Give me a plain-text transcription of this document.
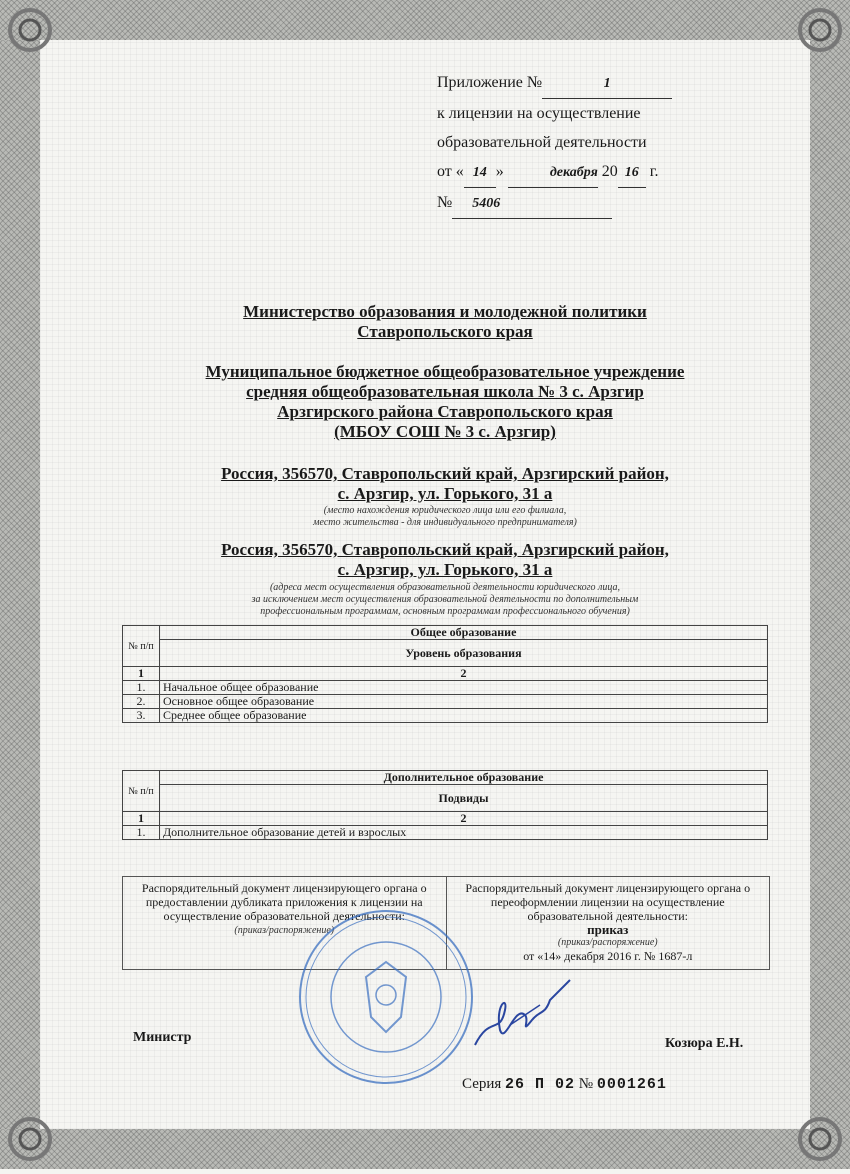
Приложение №	1
к лицензии на осуществление
образовательной деятельности
от « 14 »	декабря 20 16 г.
№ 5406
Министерство образования и молодежной политики
Ставропольского края
Муниципальное бюджетное общеобразовательное учреждение
средняя общеобразовательная школа № 3 с. Арзгир
Арзгирского района Ставропольского края
(МБОУ СОШ № 3 с. Арзгир)
Россия, 356570, Ставропольский край, Арзгирский район,
с. Арзгир, ул. Горького, 31 а
(место нахождения юридического лица или его филиала,
место жительства - для индивидуального предпринимателя)
Россия, 356570, Ставропольский край, Арзгирский район,
с. Арзгир, ул. Горького, 31 а
(адреса мест осуществления образовательной деятельности юридического лица,
за исключением мест осуществления образовательной деятельности по дополнительным
профессиональным программам, основным программам профессионального обучения)
№ п/п	Общее образование
	Уровень образования
1	2
1.	Начальное общее образование
2.	Основное общее образование
3.	Среднее общее образование
№ п/п	Дополнительное образование
	Подвиды
1	2
1.	Дополнительное образование детей и взрослых
Распорядительный документ лицензирующего органа о предоставлении дубликата приложения к лицензии на осуществление образовательной деятельности:
(приказ/распоряжение)
Распорядительный документ лицензирующего органа о переоформлении лицензии на осуществление образовательной деятельности:
приказ
(приказ/распоряжение)
от «14» декабря 2016 г. № 1687-л
Министр	Козюра Е.Н.
Серия 26 П 02 № 0001261
